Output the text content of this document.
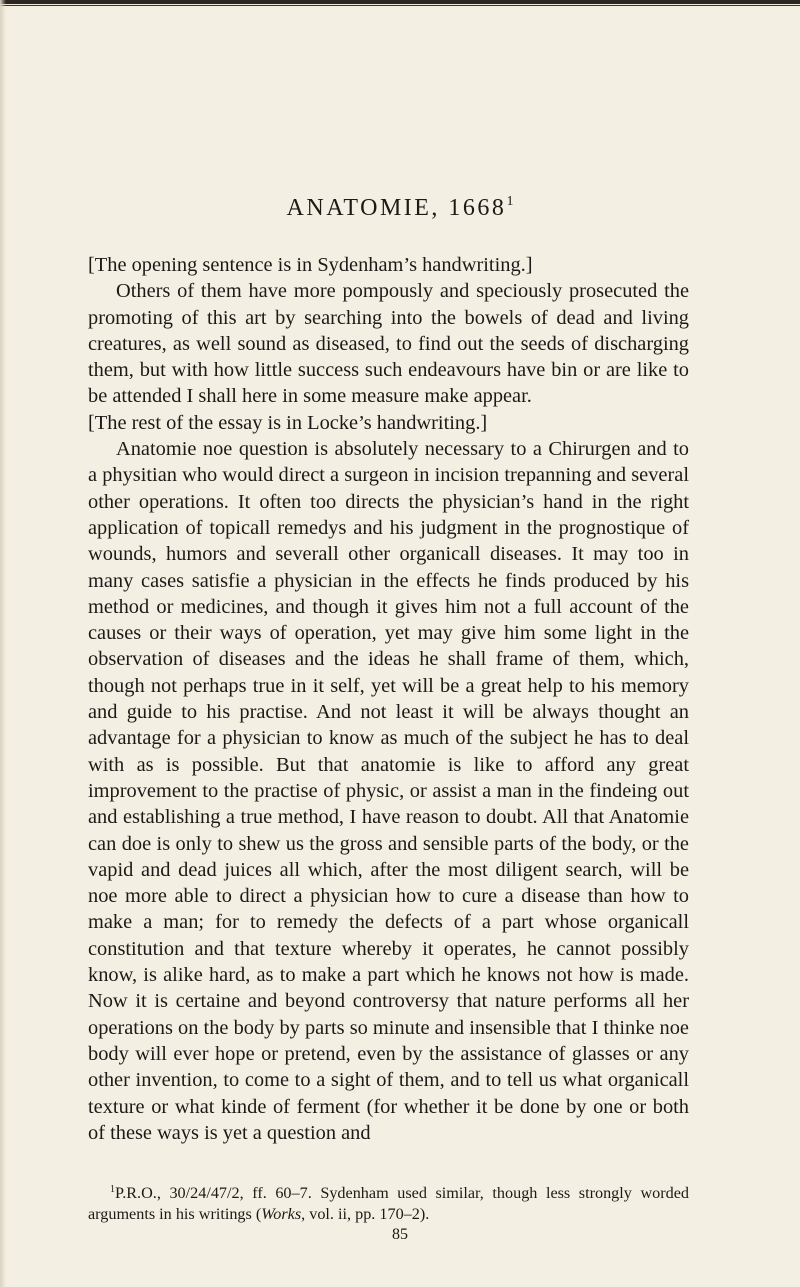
ANATOMIE, 1668$^1$

[The opening sentence is in Sydenham’s handwriting.]

Others of them have more pompously and speciously prosecuted the promoting of this art by searching into the bowels of dead and living creatures, as well sound as diseased, to find out the seeds of discharging them, but with how little success such endeavours have bin or are like to be attended I shall here in some measure make appear.

[The rest of the essay is in Locke’s handwriting.]

Anatomie noe question is absolutely necessary to a Chirurgen and to a physitian who would direct a surgeon in incision trepanning and several other operations. It often too directs the physician’s hand in the right application of topicall remedys and his judgment in the prognostique of wounds, humors and severall other organicall diseases. It may too in many cases satisfie a physician in the effects he finds produced by his method or medicines, and though it gives him not a full account of the causes or their ways of operation, yet may give him some light in the observation of diseases and the ideas he shall frame of them, which, though not perhaps true in it self, yet will be a great help to his memory and guide to his practise. And not least it will be always thought an advantage for a physician to know as much of the subject he has to deal with as is possible. But that anatomie is like to afford any great improvement to the practise of physic, or assist a man in the findeing out and establishing a true method, I have reason to doubt. All that Anatomie can doe is only to shew us the gross and sensible parts of the body, or the vapid and dead juices all which, after the most diligent search, will be noe more able to direct a physician how to cure a disease than how to make a man; for to remedy the defects of a part whose organicall constitution and that texture whereby it operates, he cannot possibly know, is alike hard, as to make a part which he knows not how is made. Now it is certaine and beyond controversy that nature performs all her operations on the body by parts so minute and insensible that I thinke noe body will ever hope or pretend, even by the assistance of glasses or any other invention, to come to a sight of them, and to tell us what organicall texture or what kinde of ferment (for whether it be done by one or both of these ways is yet a question and

$^1$P.R.O., 30/24/47/2, ff. 60–7. Sydenham used similar, though less strongly worded arguments in his writings (Works, vol. ii, pp. 170–2).

85
